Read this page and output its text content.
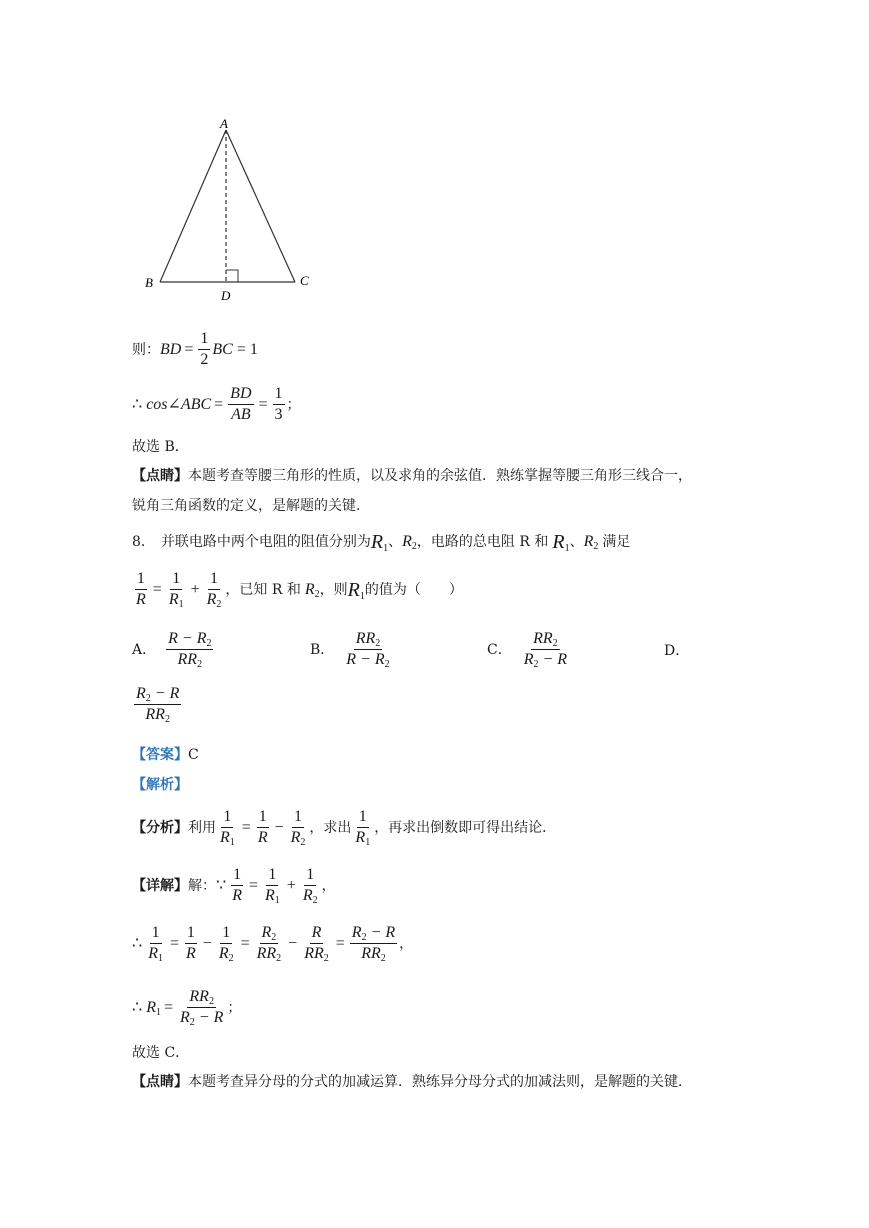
A
B	C
D
则： BD = $\frac{1}{2}$ BC = 1
∴ cos∠ABC = $\frac{BD}{AB} = \frac{1}{3}$ ；
故选 B．
【点睛】本题考查等腰三角形的性质，以及求角的余弦值．熟练掌握等腰三角形三线合一，
锐角三角函数的定义，是解题的关键．
8． 并联电路中两个电阻的阻值分别为 $R_1$ 、 $R_2$ ，电路的总电阻 R 和 $R_1$ 、 $R_2$ 满足
$\frac{1}{R} = \frac{1}{R_1} + \frac{1}{R_2}$ ，已知 R 和 $R_2$ ，则 $R_1$ 的值为（　　）
A． $\frac{R - R_2}{RR_2}$	B． $\frac{RR_2}{R - R_2}$	C． $\frac{RR_2}{R_2 - R}$	D．
$\frac{R_2 - R}{RR_2}$
【答案】C
【解析】
【分析】 利用 $\frac{1}{R_1} = \frac{1}{R} - \frac{1}{R_2}$ ，求出 $\frac{1}{R_1}$ ，再求出倒数即可得出结论．
【详解】 解： ∵ $\frac{1}{R} = \frac{1}{R_1} + \frac{1}{R_2}$ ，
∴ $\frac{1}{R_1} = \frac{1}{R} - \frac{1}{R_2} = \frac{R_2}{RR_2} - \frac{R}{RR_2} = \frac{R_2 - R}{RR_2}$ ，
∴ $R_1 = \frac{RR_2}{R_2 - R}$ ；
故选 C．
【点睛】本题考查异分母的分式的加减运算．熟练异分母分式的加减法则，是解题的关键．
